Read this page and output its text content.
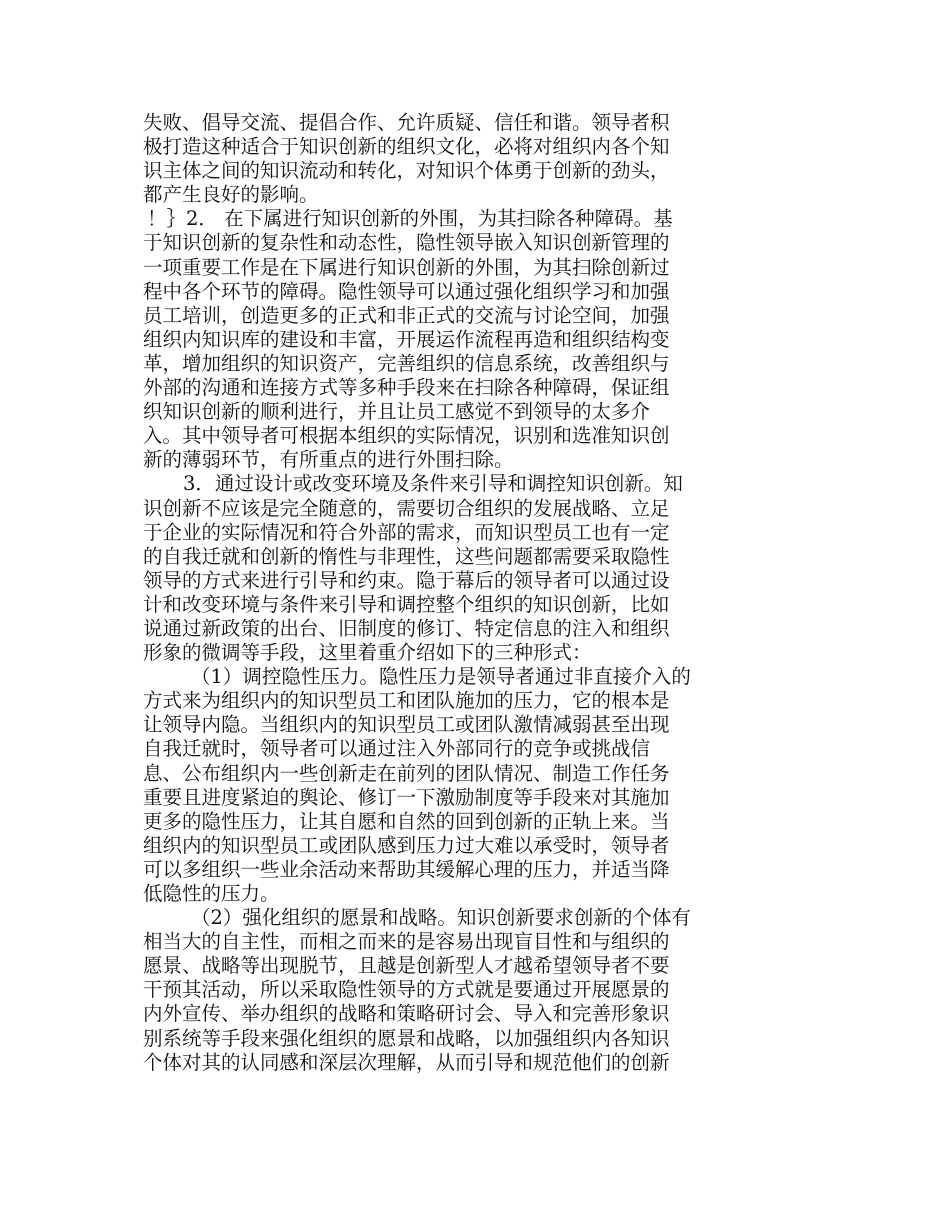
失败、倡导交流、提倡合作、允许质疑、信任和谐。领导者积
极打造这种适合于知识创新的组织文化，必将对组织内各个知
识主体之间的知识流动和转化，对知识个体勇于创新的劲头，
都产生良好的影响。
！｝2． 在下属进行知识创新的外围，为其扫除各种障碍。基
于知识创新的复杂性和动态性，隐性领导嵌入知识创新管理的
一项重要工作是在下属进行知识创新的外围，为其扫除创新过
程中各个环节的障碍。隐性领导可以通过强化组织学习和加强
员工培训，创造更多的正式和非正式的交流与讨论空间，加强
组织内知识库的建设和丰富，开展运作流程再造和组织结构变
革，增加组织的知识资产，完善组织的信息系统，改善组织与
外部的沟通和连接方式等多种手段来在扫除各种障碍，保证组
织知识创新的顺利进行，并且让员工感觉不到领导的太多介
入。其中领导者可根据本组织的实际情况，识别和选准知识创
新的薄弱环节，有所重点的进行外围扫除。
3．通过设计或改变环境及条件来引导和调控知识创新。知
识创新不应该是完全随意的，需要切合组织的发展战略、立足
于企业的实际情况和符合外部的需求，而知识型员工也有一定
的自我迁就和创新的惰性与非理性，这些问题都需要采取隐性
领导的方式来进行引导和约束。隐于幕后的领导者可以通过设
计和改变环境与条件来引导和调控整个组织的知识创新，比如
说通过新政策的出台、旧制度的修订、特定信息的注入和组织
形象的微调等手段，这里着重介绍如下的三种形式：
（1）调控隐性压力。隐性压力是领导者通过非直接介入的
方式来为组织内的知识型员工和团队施加的压力，它的根本是
让领导内隐。当组织内的知识型员工或团队激情减弱甚至出现
自我迁就时，领导者可以通过注入外部同行的竞争或挑战信
息、公布组织内一些创新走在前列的团队情况、制造工作任务
重要且进度紧迫的舆论、修订一下激励制度等手段来对其施加
更多的隐性压力，让其自愿和自然的回到创新的正轨上来。当
组织内的知识型员工或团队感到压力过大难以承受时，领导者
可以多组织一些业余活动来帮助其缓解心理的压力，并适当降
低隐性的压力。
（2）强化组织的愿景和战略。知识创新要求创新的个体有
相当大的自主性，而相之而来的是容易出现盲目性和与组织的
愿景、战略等出现脱节，且越是创新型人才越希望领导者不要
干预其活动，所以采取隐性领导的方式就是要通过开展愿景的
内外宣传、举办组织的战略和策略研讨会、导入和完善形象识
别系统等手段来强化组织的愿景和战略，以加强组织内各知识
个体对其的认同感和深层次理解，从而引导和规范他们的创新
